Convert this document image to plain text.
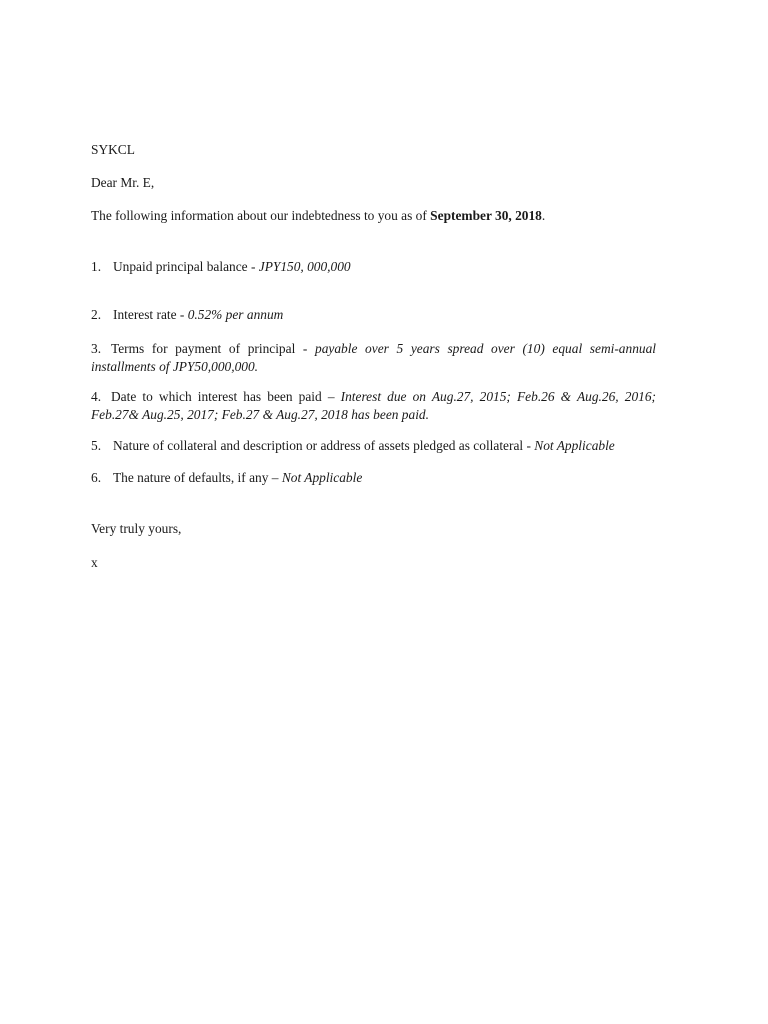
SYKCL
Dear Mr. E,
The following information about our indebtedness to you as of September 30, 2018.
1. Unpaid principal balance - JPY150, 000,000
2. Interest rate - 0.52% per annum
3. Terms for payment of principal - payable over 5 years spread over (10) equal semi-annual installments of JPY50,000,000.
4. Date to which interest has been paid – Interest due on Aug.27, 2015; Feb.26 & Aug.26, 2016; Feb.27& Aug.25, 2017; Feb.27 & Aug.27, 2018 has been paid.
5. Nature of collateral and description or address of assets pledged as collateral - Not Applicable
6. The nature of defaults, if any – Not Applicable
Very truly yours,
x
